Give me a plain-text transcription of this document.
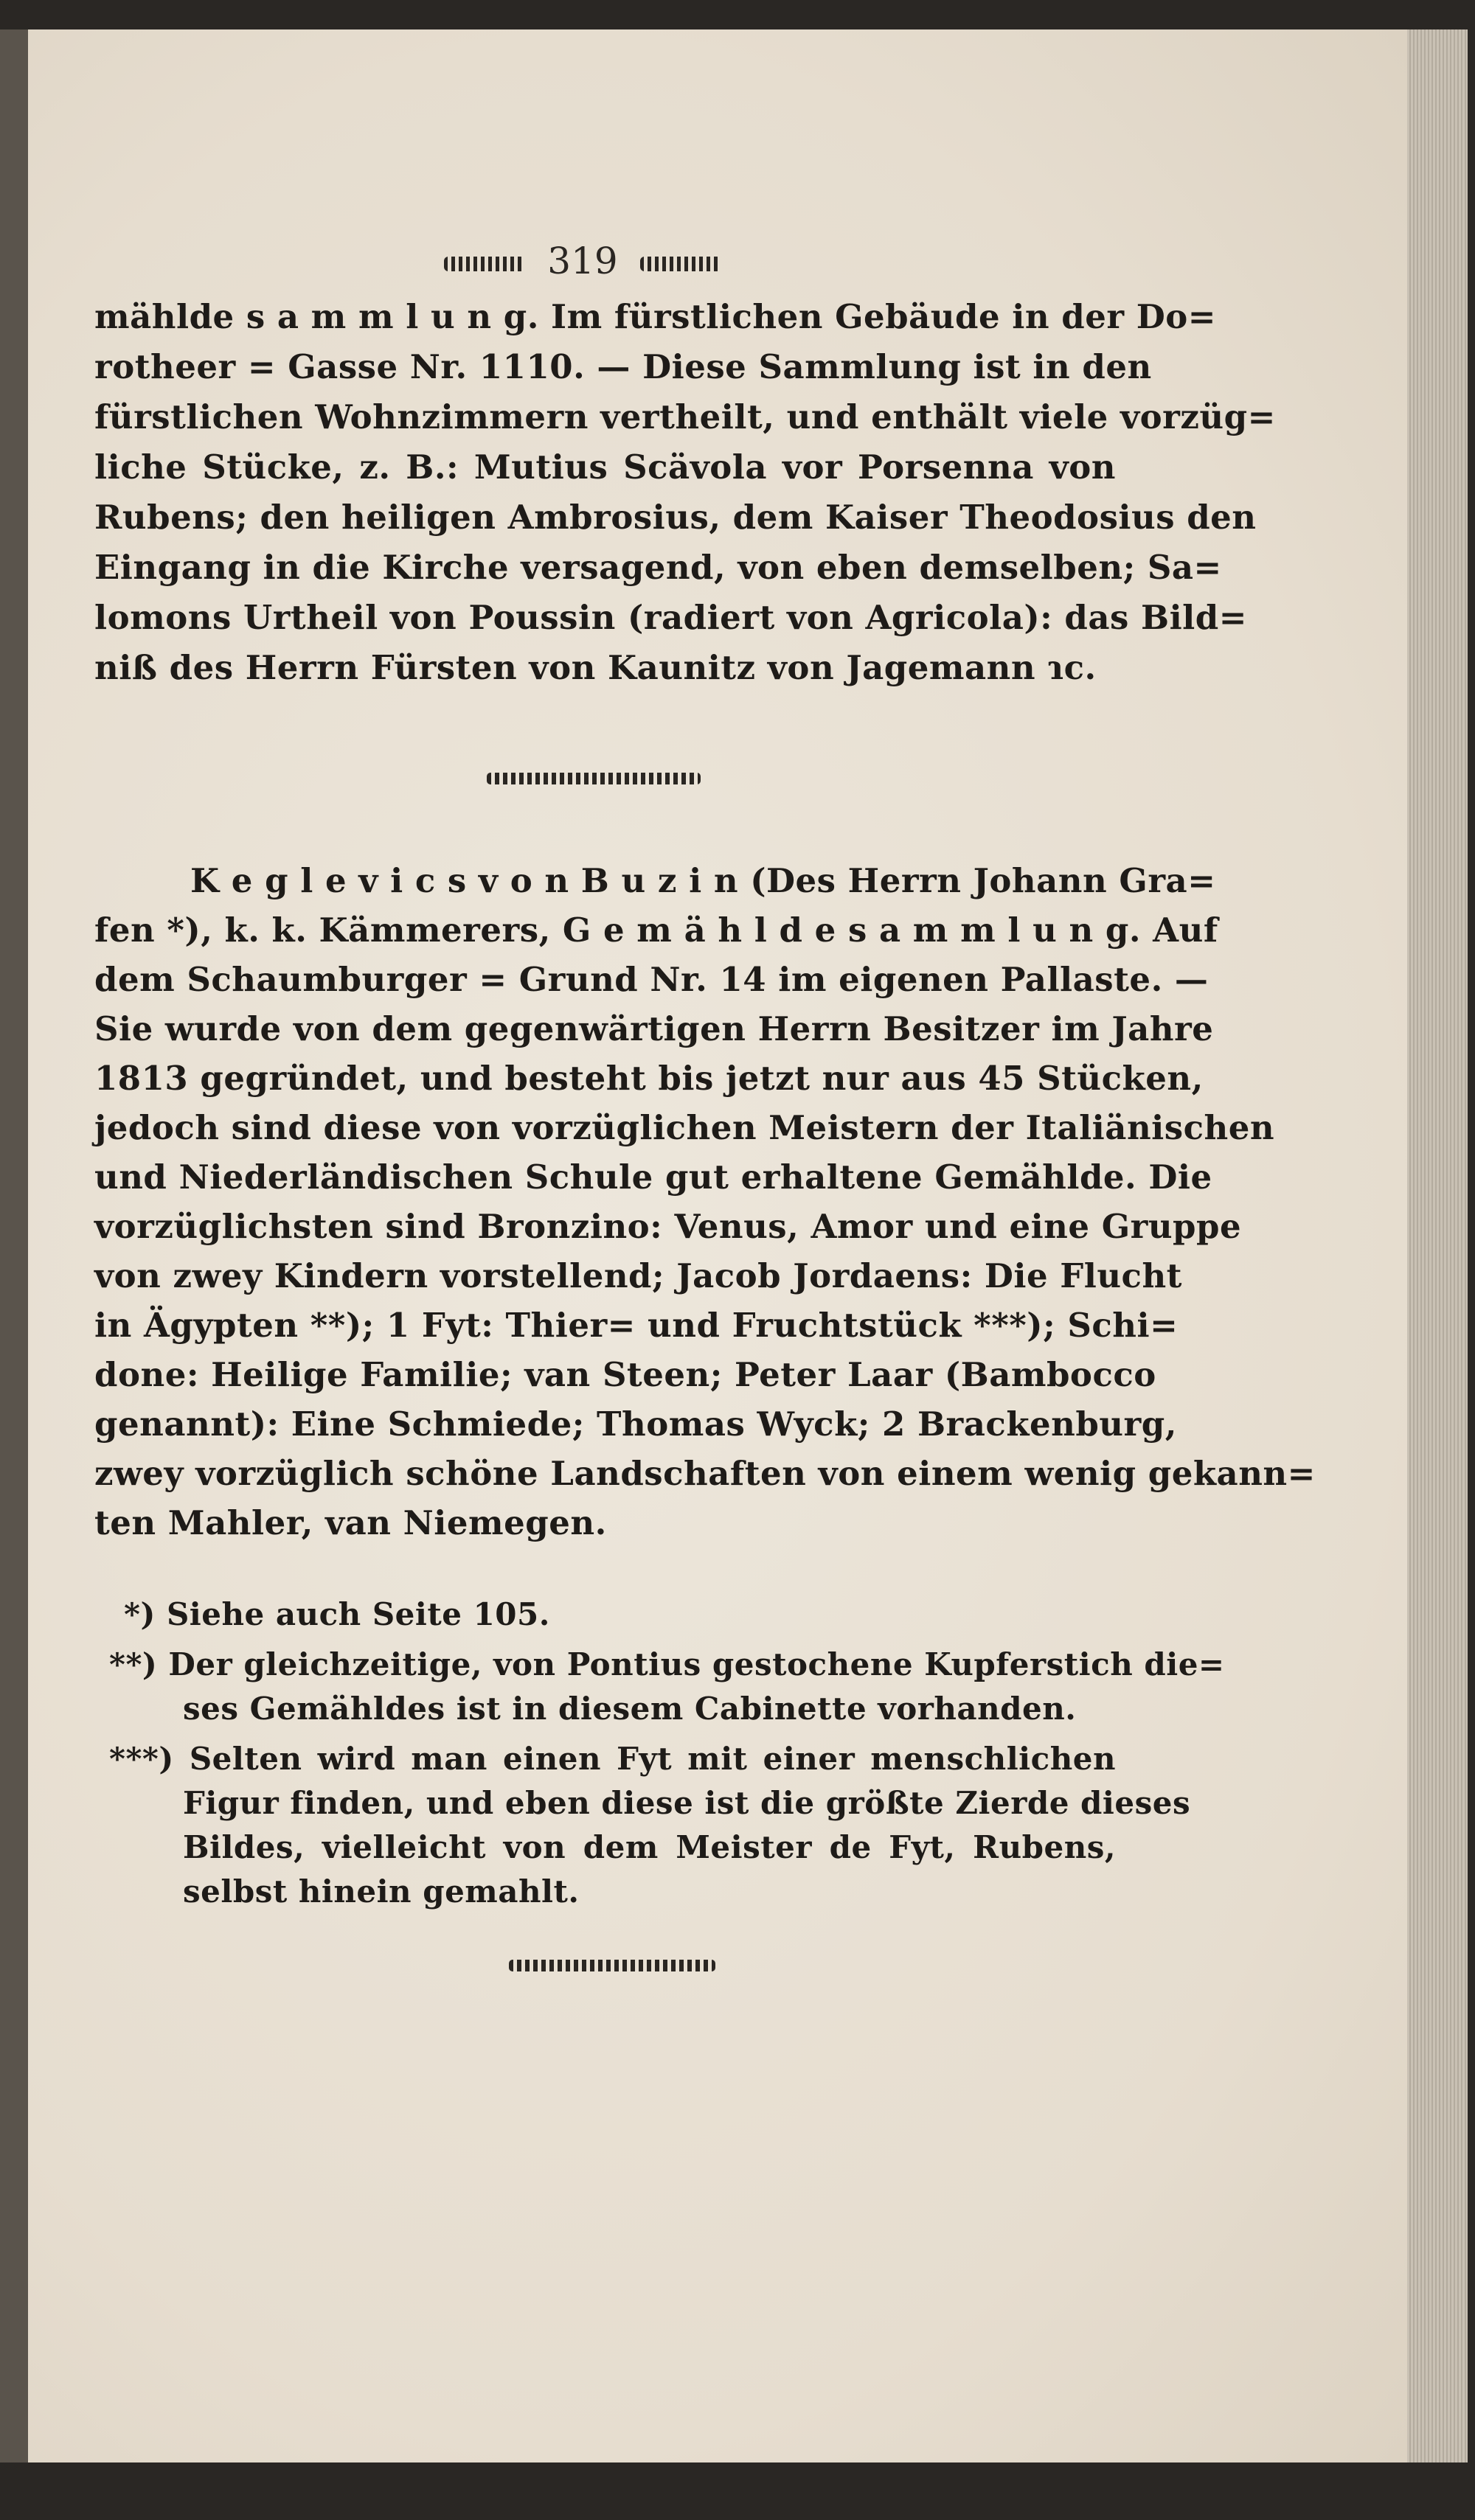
319
mählde s a m m l u n g. Im fürstlichen Gebäude in der Do=
rotheer = Gasse Nr. 1110. — Diese Sammlung ist in den
fürstlichen Wohnzimmern vertheilt, und enthält viele vorzüg=
liche Stücke, z. B.: Mutius Scävola vor Porsenna von
Rubens; den heiligen Ambrosius, dem Kaiser Theodosius den
Eingang in die Kirche versagend, von eben demselben; Sa=
lomons Urtheil von Poussin (radiert von Agricola): das Bild=
niß des Herrn Fürsten von Kaunitz von Jagemann ɿc.
K e g l e v i c s v o n B u z i n (Des Herrn Johann Gra=
fen *), k. k. Kämmerers, G e m ä h l d e s a m m l u n g. Auf
dem Schaumburger = Grund Nr. 14 im eigenen Pallaste. —
Sie wurde von dem gegenwärtigen Herrn Besitzer im Jahre
1813 gegründet, und besteht bis jetzt nur aus 45 Stücken,
jedoch sind diese von vorzüglichen Meistern der Italiänischen
und Niederländischen Schule gut erhaltene Gemählde. Die
vorzüglichsten sind Bronzino: Venus, Amor und eine Gruppe
von zwey Kindern vorstellend; Jacob Jordaens: Die Flucht
in Ägypten **); 1 Fyt: Thier= und Fruchtstück ***); Schi=
done: Heilige Familie; van Steen; Peter Laar (Bambocco
genannt): Eine Schmiede; Thomas Wyck; 2 Brackenburg,
zwey vorzüglich schöne Landschaften von einem wenig gekann=
ten Mahler, van Niemegen.
*) Siehe auch Seite 105.
**) Der gleichzeitige, von Pontius gestochene Kupferstich die=
ses Gemähldes ist in diesem Cabinette vorhanden.
***) Selten wird man einen Fyt mit einer menschlichen
Figur finden, und eben diese ist die größte Zierde dieses
Bildes, vielleicht von dem Meister de Fyt, Rubens,
selbst hinein gemahlt.
